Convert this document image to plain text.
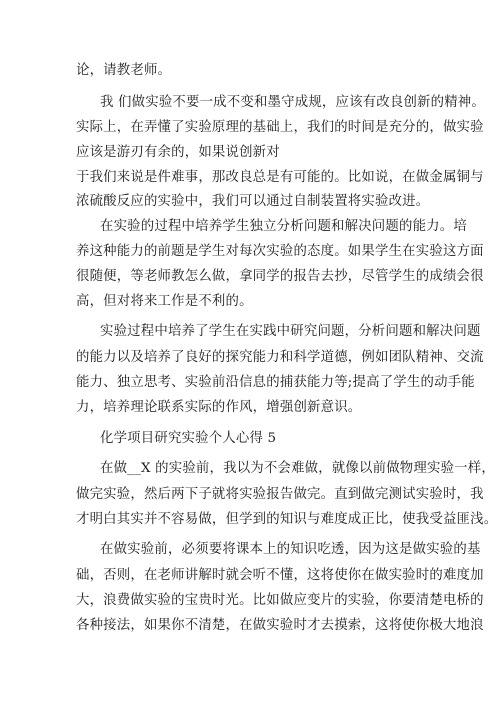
论，请教老师。
我 们做实验不要一成不变和墨守成规，应该有改良创新的精神。
实际上，在弄懂了实验原理的基础上，我们的时间是充分的，做实验
应该是游刃有余的，如果说创新对
于我们来说是件难事，那改良总是有可能的。比如说，在做金属铜与
浓硫酸反应的实验中，我们可以通过自制装置将实验改进。
在实验的过程中培养学生独立分析问题和解决问题的能力。培
养这种能力的前题是学生对每次实验的态度。如果学生在实验这方面
很随便，等老师教怎么做，拿同学的报告去抄，尽管学生的成绩会很
高，但对将来工作是不利的。
实验过程中培养了学生在实践中研究问题，分析问题和解决问题
的能力以及培养了良好的探究能力和科学道德，例如团队精神、交流
能力、独立思考、实验前沿信息的捕获能力等;提高了学生的动手能
力，培养理论联系实际的作风，增强创新意识。
化学项目研究实验个人心得 5
在做__X 的实验前，我以为不会难做，就像以前做物理实验一样，
做完实验，然后两下子就将实验报告做完。直到做完测试实验时，我
才明白其实并不容易做，但学到的知识与难度成正比，使我受益匪浅。
在做实验前，必须要将课本上的知识吃透，因为这是做实验的基
础，否则，在老师讲解时就会听不懂，这将使你在做实验时的难度加
大，浪费做实验的宝贵时光。比如做应变片的实验，你要清楚电桥的
各种接法，如果你不清楚，在做实验时才去摸索，这将使你极大地浪
